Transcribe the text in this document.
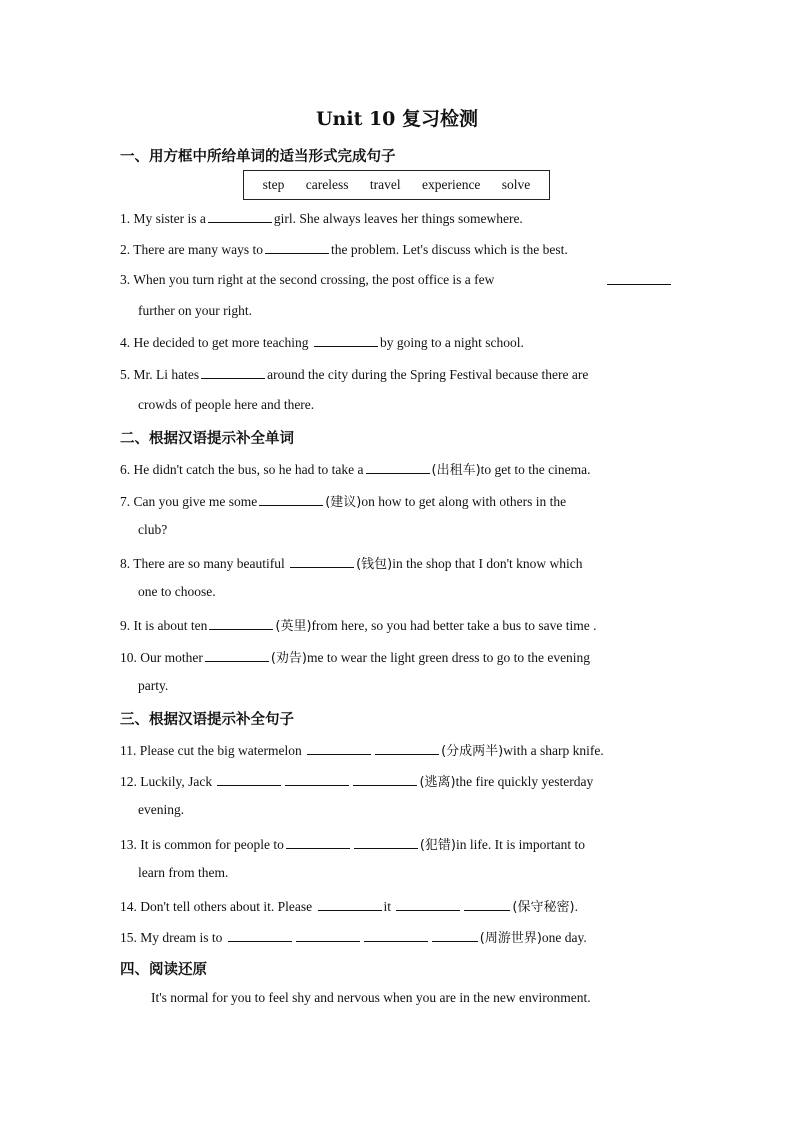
Unit 10 复习检测
一、用方框中所给单词的适当形式完成句子
step careless travel experience solve
1. My sister is a	girl. She always leaves her things somewhere.
2. There are many ways to	the problem. Let's discuss which is the best.
3. When you turn right at the second crossing, the post office is a few
further on your right.
4. He decided to get more teaching	by going to a night school.
5. Mr. Li hates	around the city during the Spring Festival because there are
crowds of people here and there.
二、根据汉语提示补全单词
6. He didn't catch the bus, so he had to take a	(出租车)to get to the cinema.
7. Can you give me some	(建议)on how to get along with others in the
club?
8. There are so many beautiful	(钱包)in the shop that I don't know which
one to choose.
9. It is about ten	(英里)from here, so you had better take a bus to save time .
10. Our mother	(劝告)me to wear the light green dress to go to the evening
party.
三、根据汉语提示补全句子
11. Please cut the big watermelon	(分成两半)with a sharp knife.
12. Luckily, Jack	(逃离)the fire quickly yesterday
evening.
13. It is common for people to	(犯错)in life. It is important to
learn from them.
14. Don't tell others about it. Please	it	(保守秘密).
15. My dream is to	(周游世界)one day.
四、阅读还原
It's normal for you to feel shy and nervous when you are in the new environment.
